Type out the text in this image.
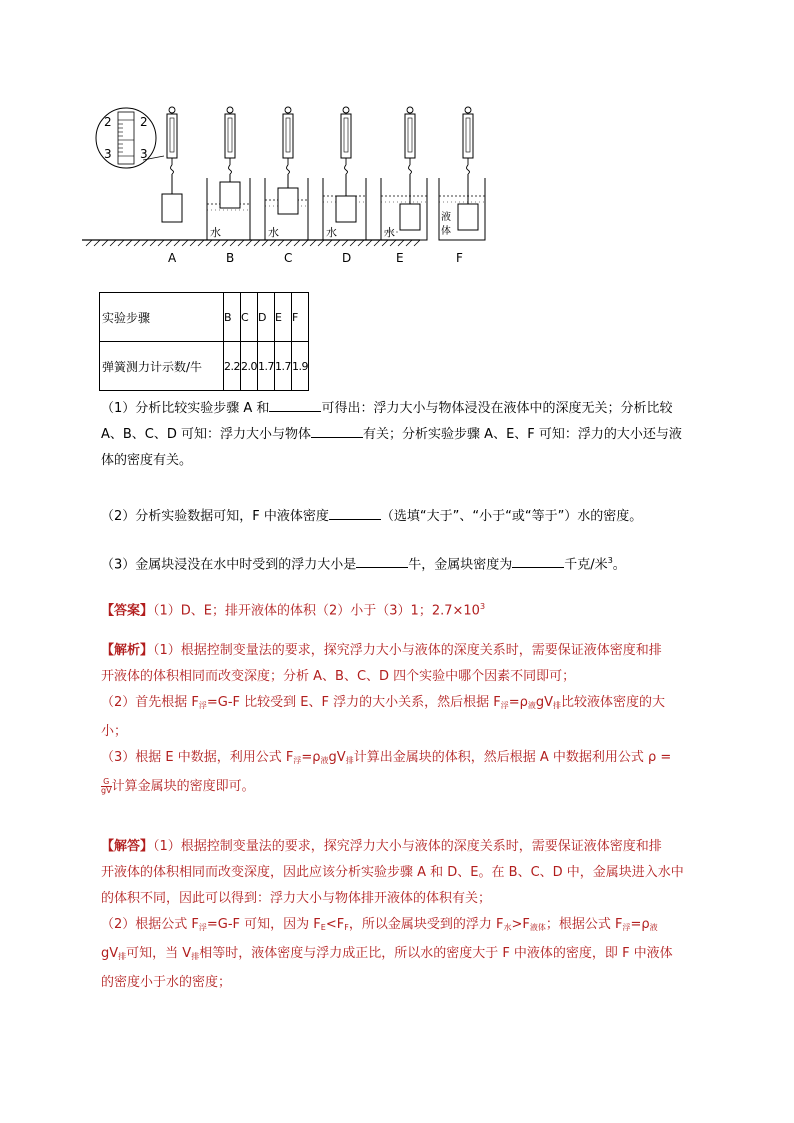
2 2
3 3
水	水	水	水
液
体
A	B	C	D	E	F
实验步骤	B	C	D	E	F
弹簧测力计示数/牛	2.2	2.0	1.7	1.7	1.9
（1）分析比较实验步骤 A 和	可得出：浮力大小与物体浸没在液体中的深度无关；分析比较
A、B、C、D 可知：浮力大小与物体	有关；分析实验步骤 A、E、F 可知：浮力的大小还与液
体的密度有关。
（2）分析实验数据可知，F 中液体密度	（选填“大于”、“小于“或“等于”）水的密度。
（3）金属块浸没在水中时受到的浮力大小是	牛，金属块密度为	千克/米$^3$。
【答案】（1）D、E；排开液体的体积（2）小于（3）1；$2.7\times 10^3$
【解析】（1）根据控制变量法的要求，探究浮力大小与液体的深度关系时，需要保证液体密度和排
开液体的体积相同而改变深度；分析 A、B、C、D 四个实验中哪个因素不同即可；
（2）首先根据 $F_浮=G-F$ 比较受到 E、F 浮力的大小关系，然后根据 $F_浮=\rho_液gV_排$比较液体密度的大
小；
（3）根据 E 中数据，利用公式 $F_浮=\rho_液gV_排$计算出金属块的体积，然后根据 A 中数据利用公式 ρ =
$\frac{G}{gV}$ 计算金属块的密度即可。
【解答】（1）根据控制变量法的要求，探究浮力大小与液体的深度关系时，需要保证液体密度和排
开液体的体积相同而改变深度，因此应该分析实验步骤 A 和 D、E。在 B、C、D 中，金属块进入水中
的体积不同，因此可以得到：浮力大小与物体排开液体的体积有关；
（2）根据公式 $F_浮=G-F$ 可知，因为 $F_E<F_F$，所以金属块受到的浮力 $F_水>F_{液体}$；根据公式 $F_浮=\rho_液$
$gV_排$可知，当 $V_排$相等时，液体密度与浮力成正比，所以水的密度大于 F 中液体的密度，即 F 中液体
的密度小于水的密度；
